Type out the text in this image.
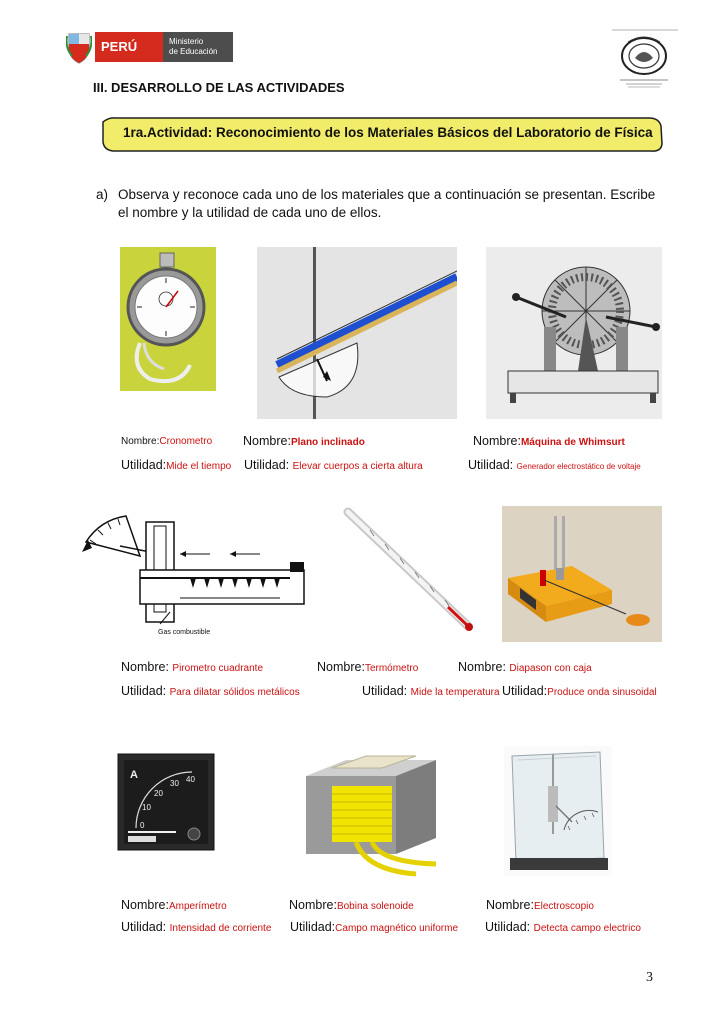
PERÚ	Ministerio
de Educación
III. DESARROLLO DE LAS ACTIVIDADES
1ra.Actividad: Reconocimiento de los Materiales Básicos del Laboratorio de Física
a) Observa y reconoce cada uno de los materiales que a continuación se presentan. Escribe
el nombre y la utilidad de cada uno de ellos.
Nombre:Cronometro
Utilidad:Mide el tiempo
Nombre:Plano inclinado
Utilidad: Elevar cuerpos a cierta altura
Nombre:Máquina de Whimsurt
Utilidad: Generador electrostático de voltaje
Gas combustible
Nombre: Pirometro cuadrante
Utilidad: Para dilatar sólidos metálicos
Nombre:Termómetro
Utilidad: Mide la temperatura
Nombre: Diapason con caja
Utilidad:Produce onda sinusoidal
A
0
10
20
30 40
Nombre:Amperímetro
Utilidad: Intensidad de corriente
Nombre:Bobina solenoide
Utilidad:Campo magnético uniforme
Nombre:Electroscopio
Utilidad: Detecta campo electrico
3
